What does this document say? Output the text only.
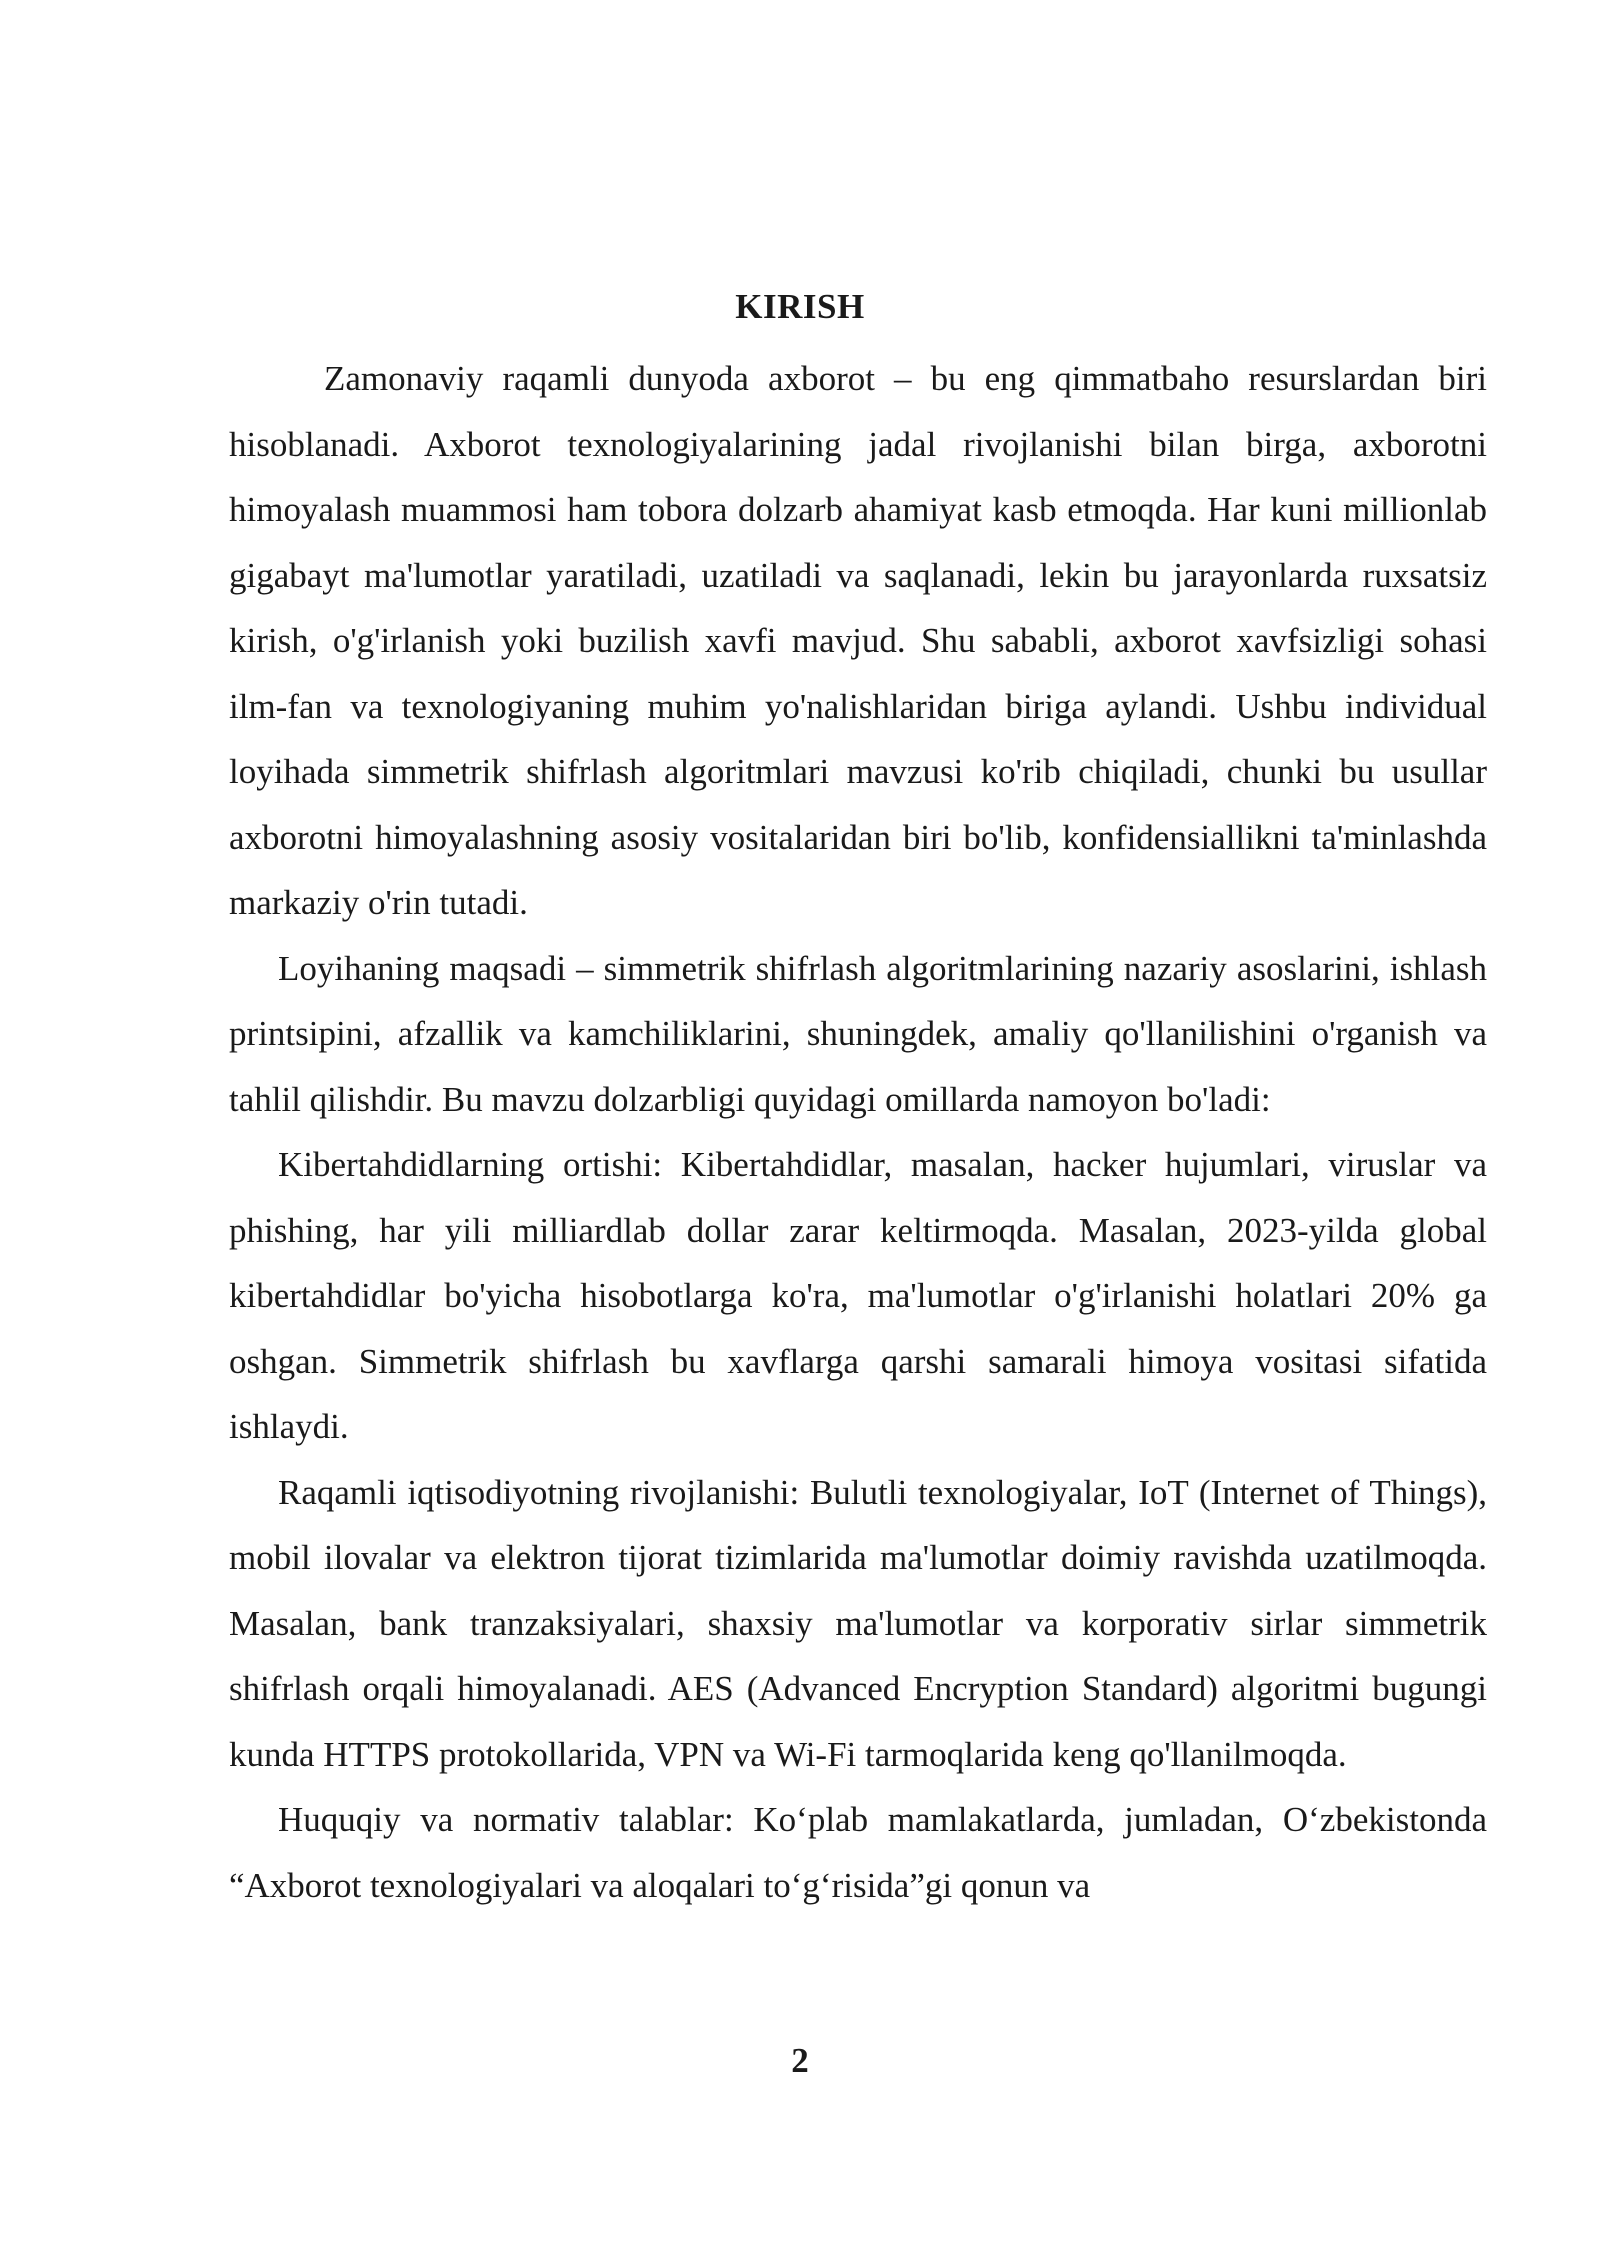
KIRISH

Zamonaviy raqamli dunyoda axborot – bu eng qimmatbaho resurslardan biri hisoblanadi. Axborot texnologiyalarining jadal rivojlanishi bilan birga, axborotni himoyalash muammosi ham tobora dolzarb ahamiyat kasb etmoqda. Har kuni millionlab gigabayt ma'lumotlar yaratiladi, uzatiladi va saqlanadi, lekin bu jarayonlarda ruxsatsiz kirish, o'g'irlanish yoki buzilish xavfi mavjud. Shu sababli, axborot xavfsizligi sohasi ilm-fan va texnologiyaning muhim yo'nalishlaridan biriga aylandi. Ushbu individual loyihada simmetrik shifrlash algoritmlari mavzusi ko'rib chiqiladi, chunki bu usullar axborotni himoyalashning asosiy vositalaridan biri bo'lib, konfidensiallikni ta'minlashda markaziy o'rin tutadi.

Loyihaning maqsadi – simmetrik shifrlash algoritmlarining nazariy asoslarini, ishlash printsipini, afzallik va kamchiliklarini, shuningdek, amaliy qo'llanilishini o'rganish va tahlil qilishdir. Bu mavzu dolzarbligi quyidagi omillarda namoyon bo'ladi:

Kibertahdidlarning ortishi: Kibertahdidlar, masalan, hacker hujumlari, viruslar va phishing, har yili milliardlab dollar zarar keltirmoqda. Masalan, 2023-yilda global kibertahdidlar bo'yicha hisobotlarga ko'ra, ma'lumotlar o'g'irlanishi holatlari 20% ga oshgan. Simmetrik shifrlash bu xavflarga qarshi samarali himoya vositasi sifatida ishlaydi.

Raqamli iqtisodiyotning rivojlanishi: Bulutli texnologiyalar, IoT (Internet of Things), mobil ilovalar va elektron tijorat tizimlarida ma'lumotlar doimiy ravishda uzatilmoqda. Masalan, bank tranzaksiyalari, shaxsiy ma'lumotlar va korporativ sirlar simmetrik shifrlash orqali himoyalanadi. AES (Advanced Encryption Standard) algoritmi bugungi kunda HTTPS protokollarida, VPN va Wi-Fi tarmoqlarida keng qo'llanilmoqda.

Huquqiy va normativ talablar: Ko‘plab mamlakatlarda, jumladan, O‘zbekistonda “Axborot texnologiyalari va aloqalari to‘g‘risida”gi qonun va

2
